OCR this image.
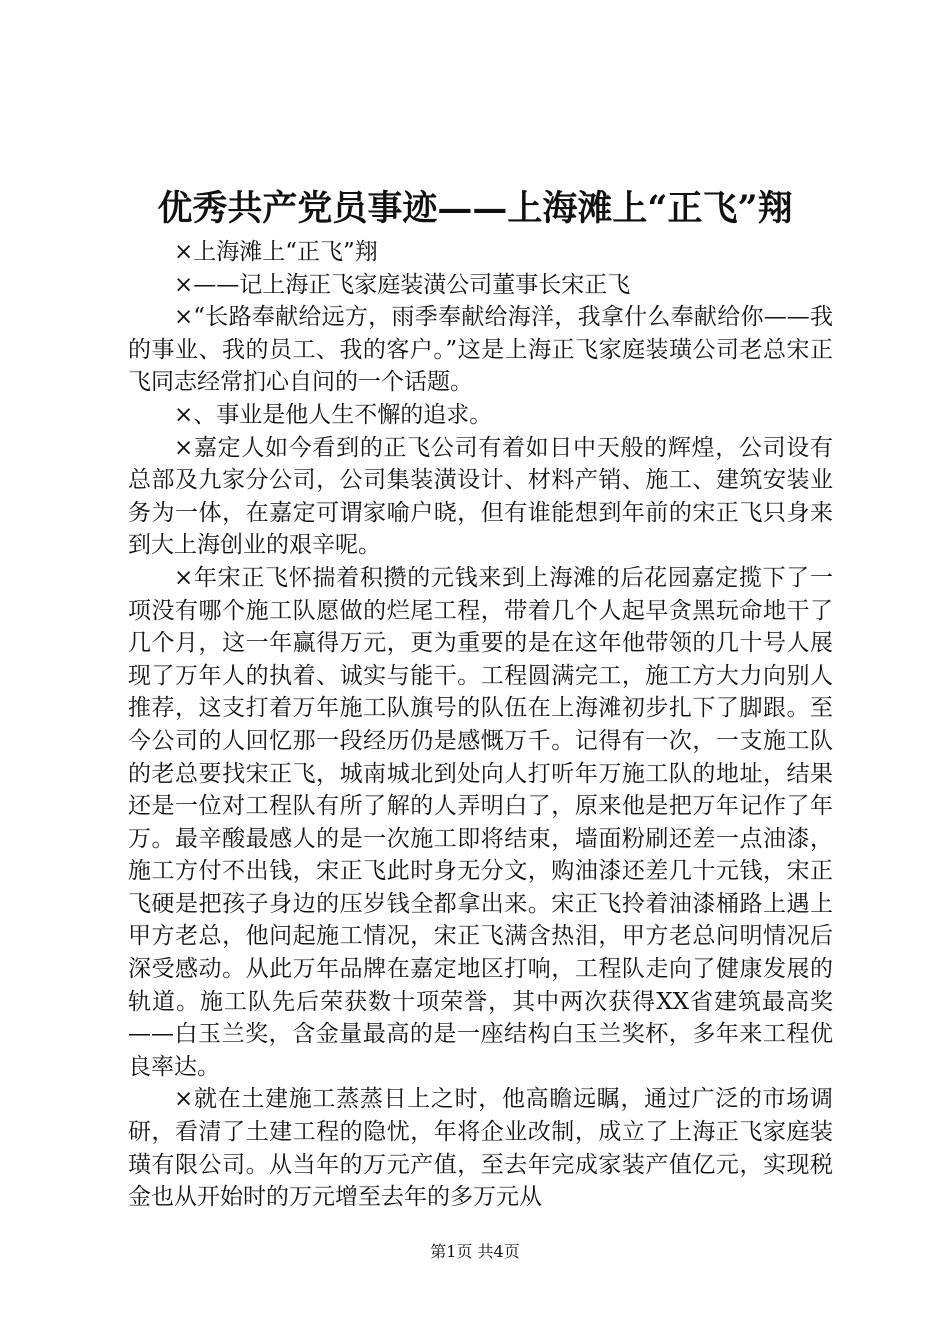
优秀共产党员事迹——上海滩上“正飞”翔

×上海滩上“正飞”翔

×——记上海正飞家庭装潢公司董事长宋正飞

×“长路奉献给远方，雨季奉献给海洋，我拿什么奉献给你——我的事业、我的员工、我的客户。”这是上海正飞家庭装璜公司老总宋正飞同志经常扪心自问的一个话题。

×、事业是他人生不懈的追求。

×嘉定人如今看到的正飞公司有着如日中天般的辉煌，公司设有总部及九家分公司，公司集装潢设计、材料产销、施工、建筑安装业务为一体，在嘉定可谓家喻户晓，但有谁能想到年前的宋正飞只身来到大上海创业的艰辛呢。

×年宋正飞怀揣着积攒的元钱来到上海滩的后花园嘉定揽下了一项没有哪个施工队愿做的烂尾工程，带着几个人起早贪黑玩命地干了几个月，这一年赢得万元，更为重要的是在这年他带领的几十号人展现了万年人的执着、诚实与能干。工程圆满完工，施工方大力向别人推荐，这支打着万年施工队旗号的队伍在上海滩初步扎下了脚跟。至今公司的人回忆那一段经历仍是感慨万千。记得有一次，一支施工队的老总要找宋正飞，城南城北到处向人打听年万施工队的地址，结果还是一位对工程队有所了解的人弄明白了，原来他是把万年记作了年万。最辛酸最感人的是一次施工即将结束，墙面粉刷还差一点油漆，施工方付不出钱，宋正飞此时身无分文，购油漆还差几十元钱，宋正飞硬是把孩子身边的压岁钱全都拿出来。宋正飞拎着油漆桶路上遇上甲方老总，他问起施工情况，宋正飞满含热泪，甲方老总问明情况后深受感动。从此万年品牌在嘉定地区打响，工程队走向了健康发展的轨道。施工队先后荣获数十项荣誉，其中两次获得XX省建筑最高奖——白玉兰奖，含金量最高的是一座结构白玉兰奖杯，多年来工程优良率达。

×就在土建施工蒸蒸日上之时，他高瞻远瞩，通过广泛的市场调研，看清了土建工程的隐忧，年将企业改制，成立了上海正飞家庭装璜有限公司。从当年的万元产值，至去年完成家装产值亿元，实现税金也从开始时的万元增至去年的多万元从

第1页 共4页
